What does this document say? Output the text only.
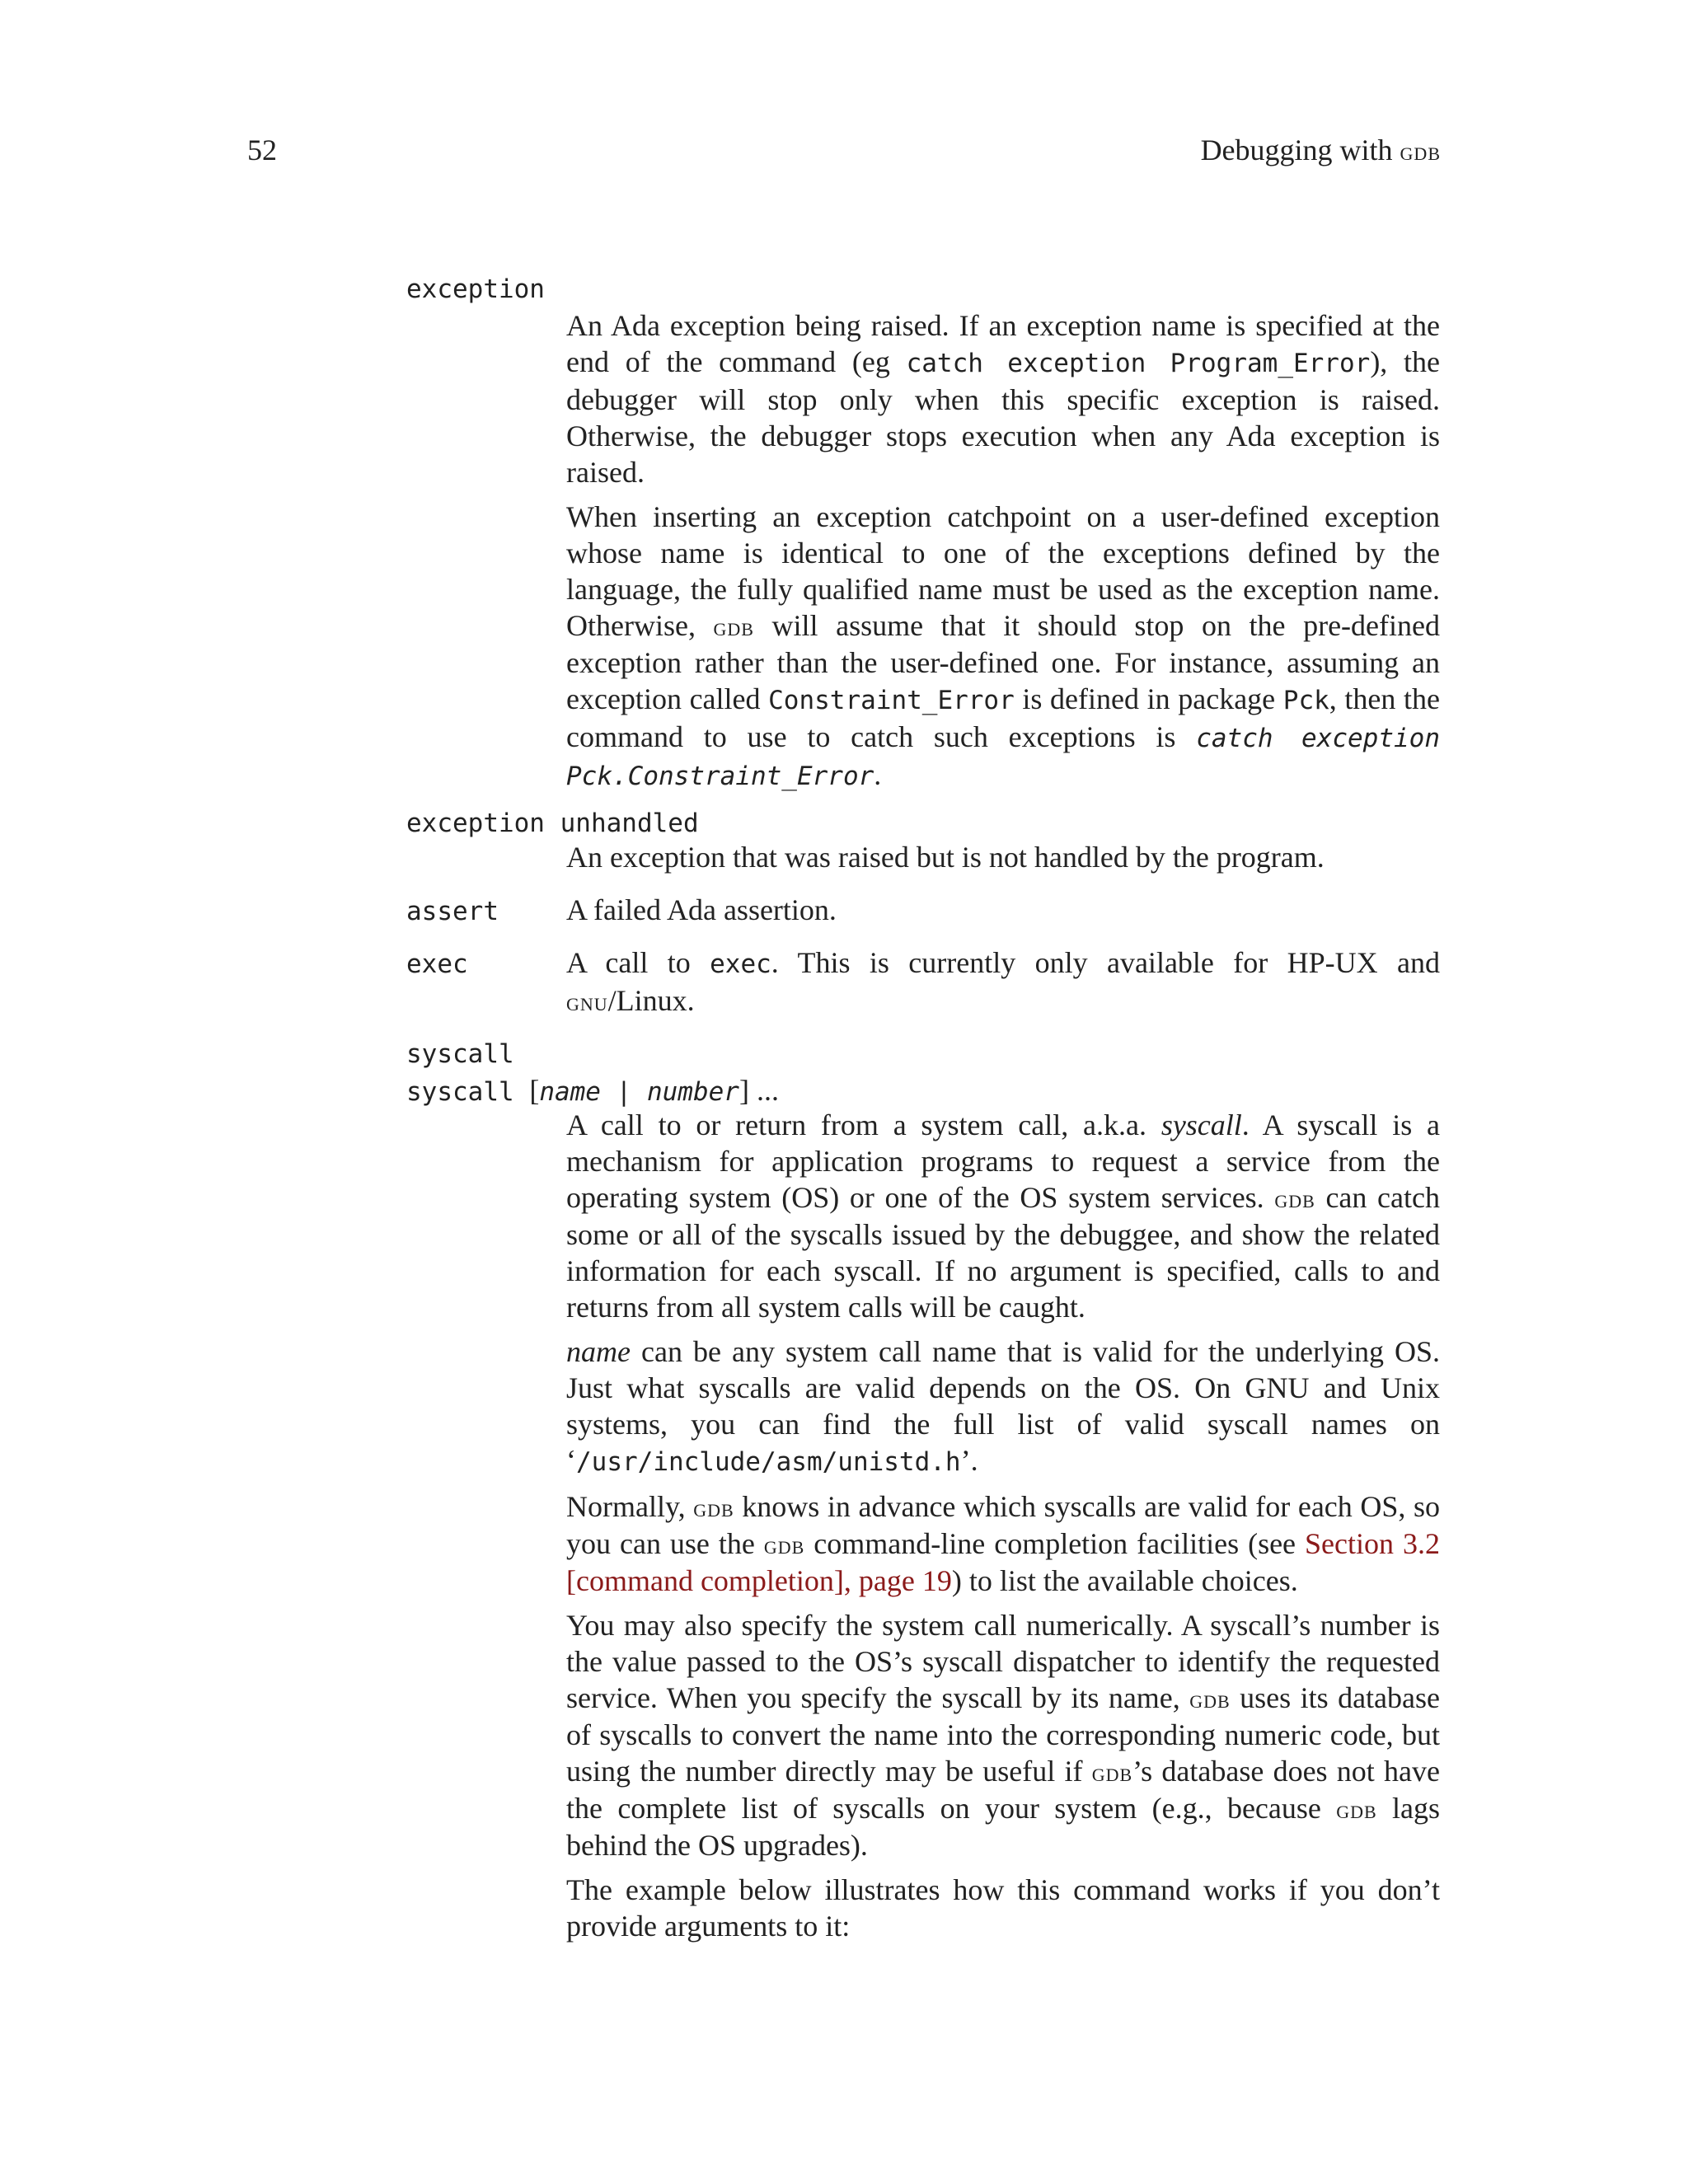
52	Debugging with gdb
exception

An Ada exception being raised. If an exception name is specified at the end of the command (eg catch exception Program_Error), the debugger will stop only when this specific exception is raised. Otherwise, the debugger stops execution when any Ada exception is raised.

When inserting an exception catchpoint on a user-defined exception whose name is identical to one of the exceptions defined by the language, the fully qualified name must be used as the exception name. Otherwise, gdb will assume that it should stop on the pre-defined exception rather than the user-defined one. For instance, assuming an exception called Constraint_Error is defined in package Pck, then the command to use to catch such exceptions is catch exception Pck.Constraint_Error.

exception unhandled
An exception that was raised but is not handled by the program.
assert A failed Ada assertion.
exec	A call to exec. This is currently only available for HP-UX and gnu/Linux.
syscall
syscall [name | number] ...

A call to or return from a system call, a.k.a. syscall. A syscall is a mechanism for application programs to request a service from the operating system (OS) or one of the OS system services. gdb can catch some or all of the syscalls issued by the debuggee, and show the related information for each syscall. If no argument is specified, calls to and returns from all system calls will be caught.

name can be any system call name that is valid for the underlying OS. Just what syscalls are valid depends on the OS. On GNU and Unix systems, you can find the full list of valid syscall names on ‘/usr/include/asm/unistd.h’.

Normally, gdb knows in advance which syscalls are valid for each OS, so you can use the gdb command-line completion facilities (see Section 3.2 [command completion], page 19) to list the available choices.

You may also specify the system call numerically. A syscall’s number is the value passed to the OS’s syscall dispatcher to identify the requested service. When you specify the syscall by its name, gdb uses its database of syscalls to convert the name into the corresponding numeric code, but using the number directly may be useful if gdb’s database does not have the complete list of syscalls on your system (e.g., because gdb lags behind the OS upgrades).

The example below illustrates how this command works if you don’t provide arguments to it:
